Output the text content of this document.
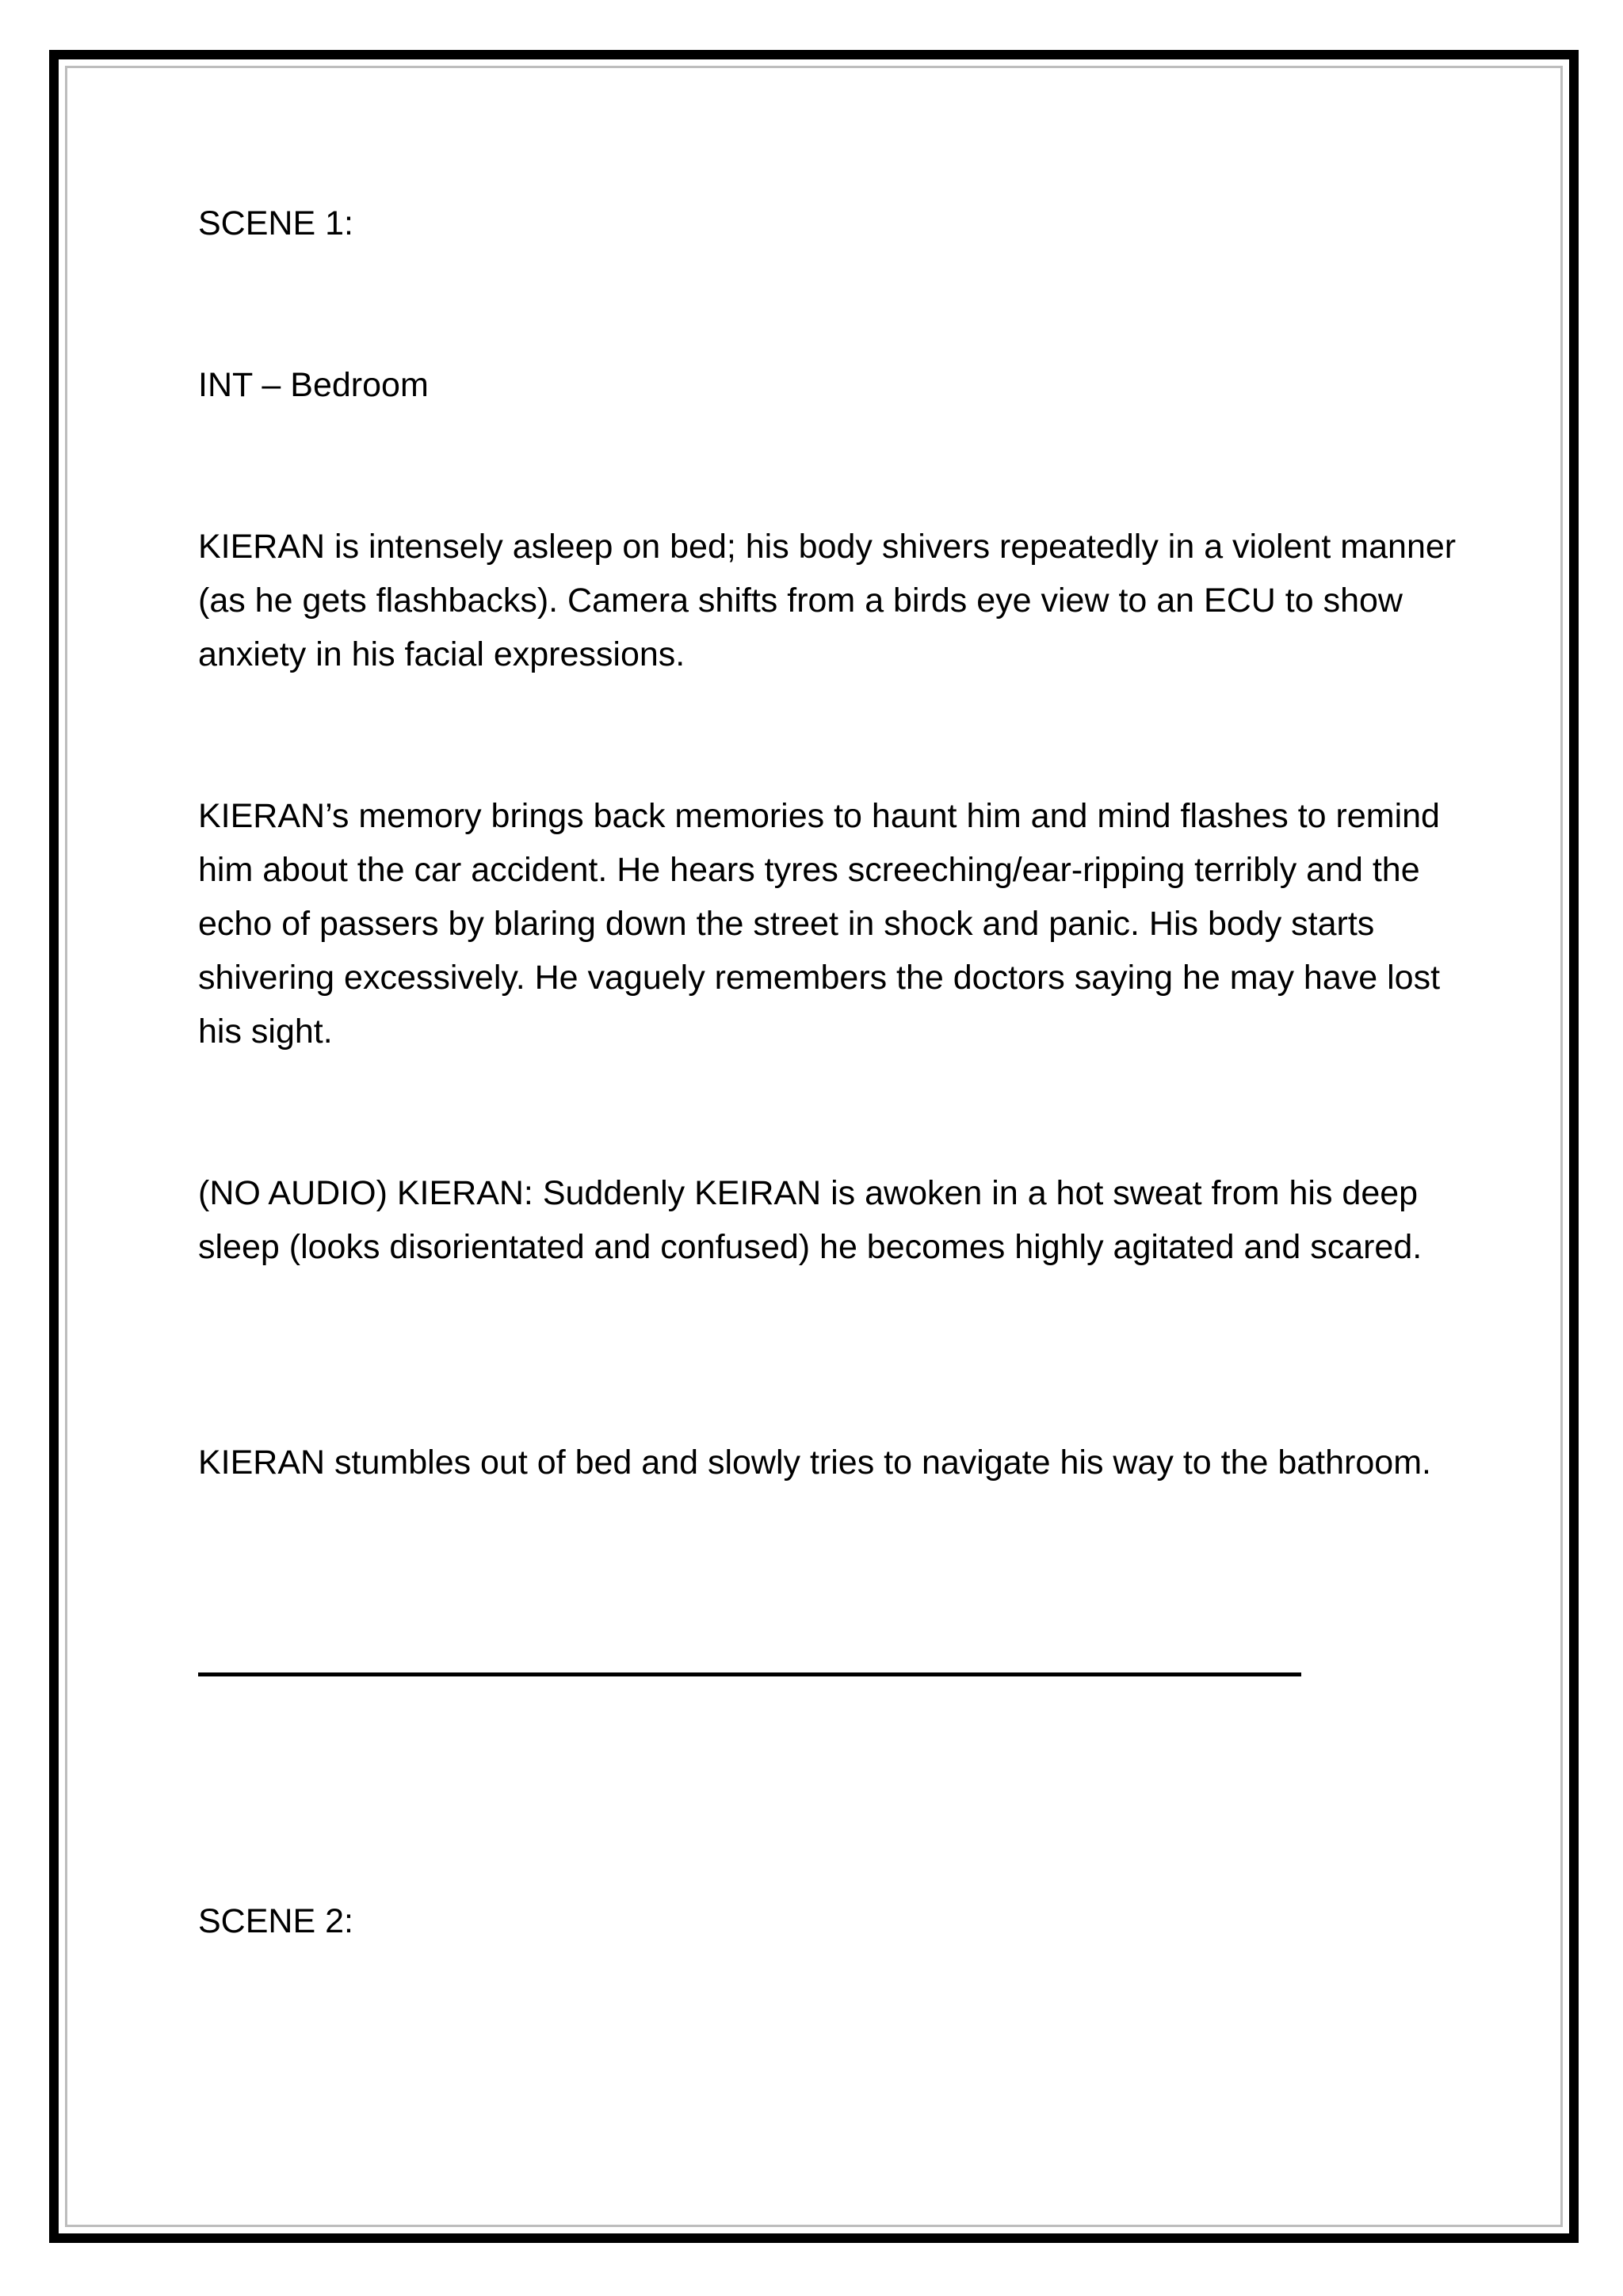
SCENE 1:

INT – Bedroom

KIERAN is intensely asleep on bed; his body shivers repeatedly in a violent manner (as he gets flashbacks). Camera shifts from a birds eye view to an ECU to show anxiety in his facial expressions.

KIERAN’s memory brings back memories to haunt him and mind flashes to remind him about the car accident. He hears tyres screeching/ear-ripping terribly and the echo of passers by blaring down the street in shock and panic. His body starts shivering excessively. He vaguely remembers the doctors saying he may have lost his sight.

(NO AUDIO) KIERAN: Suddenly KEIRAN is awoken in a hot sweat from his deep sleep (looks disorientated and confused) he becomes highly agitated and scared.

KIERAN stumbles out of bed and slowly tries to navigate his way to the bathroom.

SCENE 2:
